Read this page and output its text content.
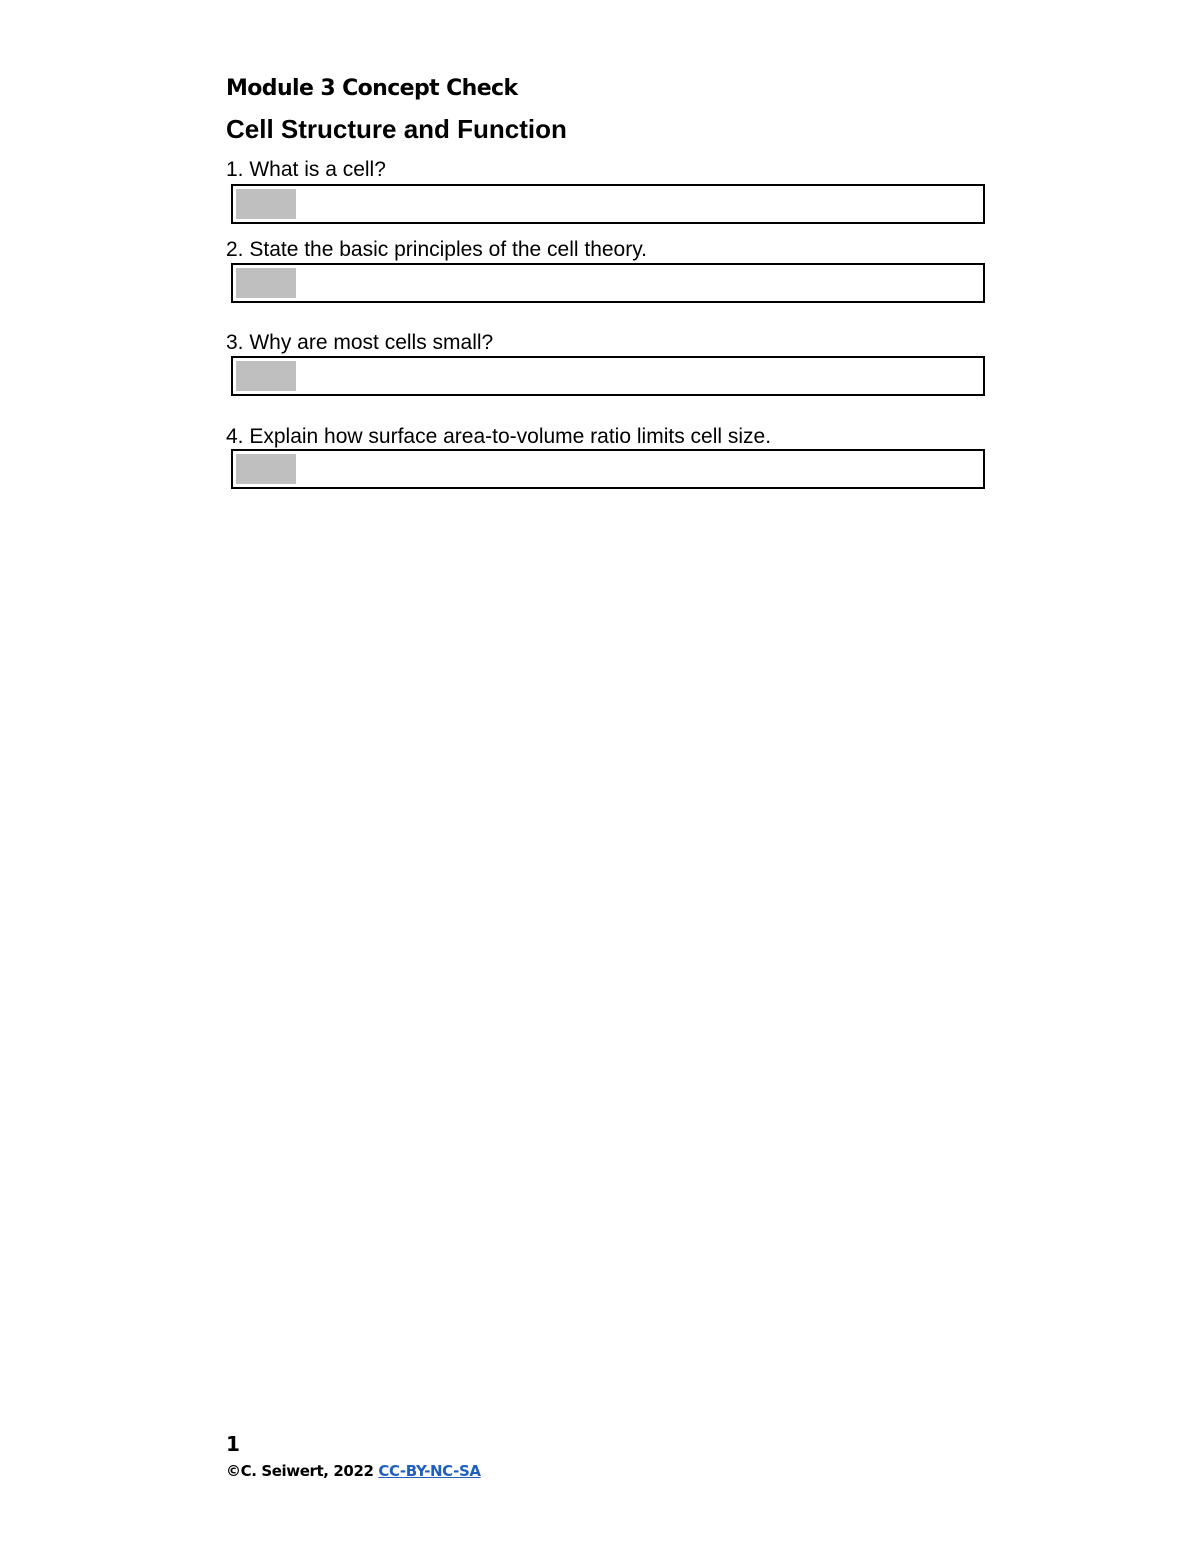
Module 3 Concept Check
Cell Structure and Function

1. What is a cell?

2. State the basic principles of the cell theory.

3. Why are most cells small?

4. Explain how surface area-to-volume ratio limits cell size.

1
©C. Seiwert, 2022 CC-BY-NC-SA
